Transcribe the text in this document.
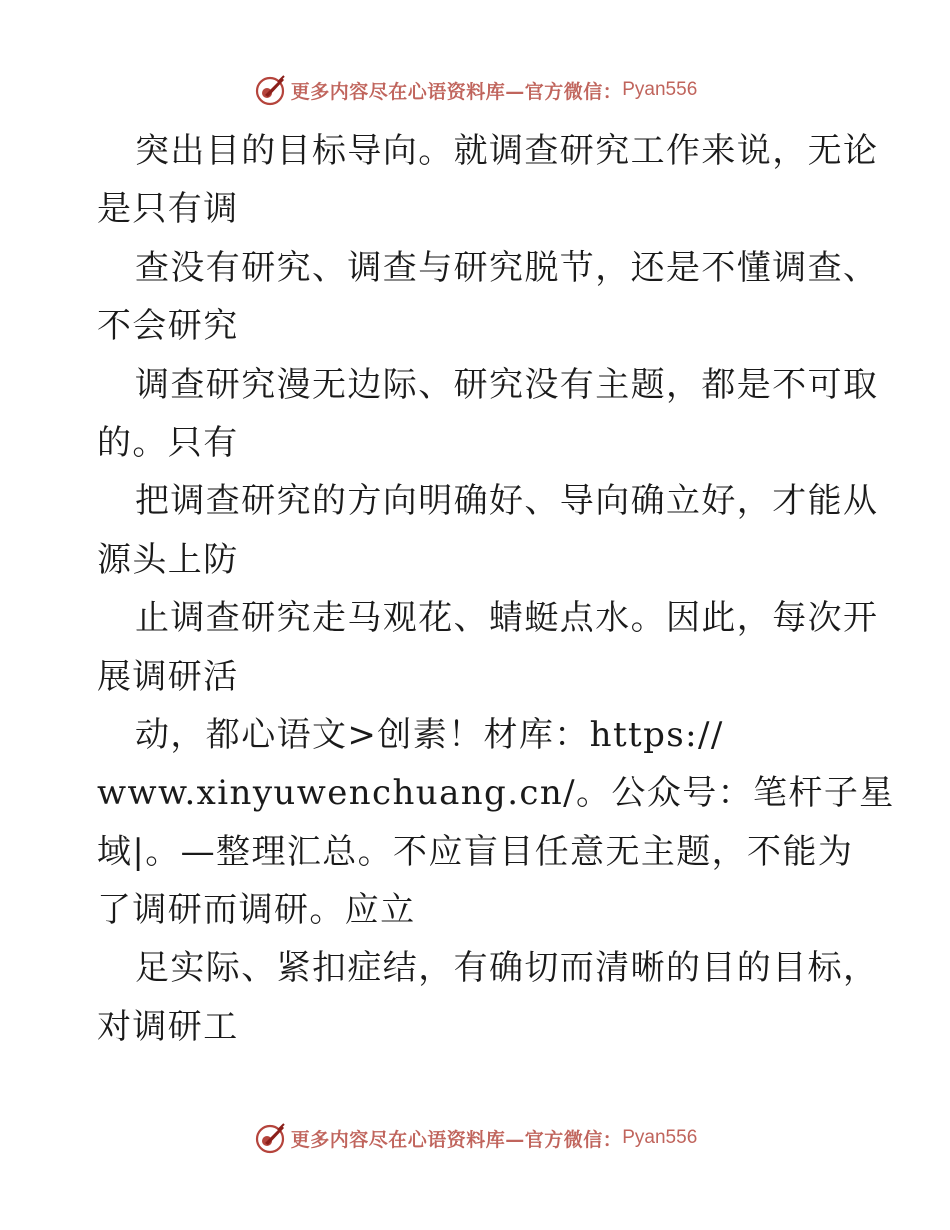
更多内容尽在心语资料库—官方微信： Pyan556
突出目的目标导向。就调查研究工作来说，无论
是只有调
查没有研究、调查与研究脱节，还是不懂调查、
不会研究
调查研究漫无边际、研究没有主题，都是不可取
的。只有
把调查研究的方向明确好、导向确立好，才能从
源头上防
止调查研究走马观花、蜻蜓点水。因此，每次开
展调研活
动，都心语文>创素！材库：https://
www.xinyuwenchuang.cn/。公众号：笔杆子星
域|。—整理汇总。不应盲目任意无主题，不能为
了调研而调研。应立
足实际、紧扣症结，有确切而清晰的目的目标，
对调研工
更多内容尽在心语资料库—官方微信： Pyan556
